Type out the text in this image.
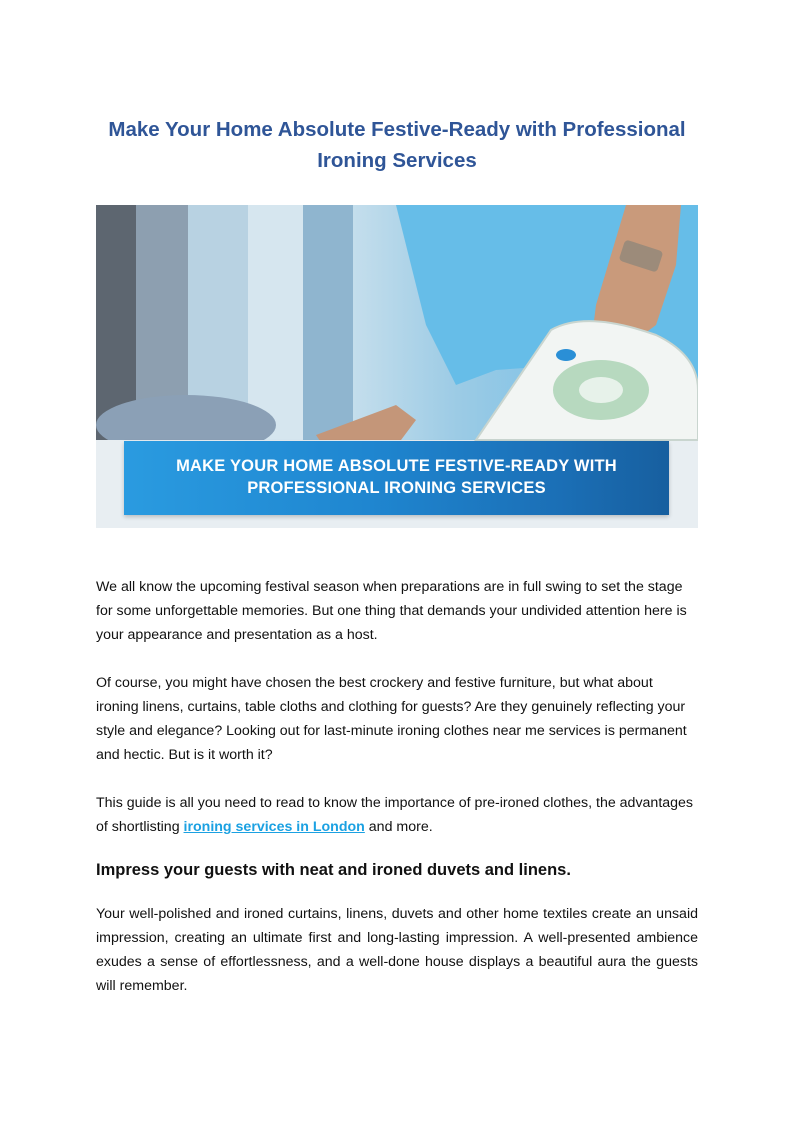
Make Your Home Absolute Festive-Ready with Professional Ironing Services
MAKE YOUR HOME ABSOLUTE FESTIVE-READY WITH
PROFESSIONAL IRONING SERVICES

We all know the upcoming festival season when preparations are in full swing to set the stage for some unforgettable memories. But one thing that demands your undivided attention here is your appearance and presentation as a host.

Of course, you might have chosen the best crockery and festive furniture, but what about ironing linens, curtains, table cloths and clothing for guests? Are they genuinely reflecting your style and elegance? Looking out for last-minute ironing clothes near me services is permanent and hectic. But is it worth it?

This guide is all you need to read to know the importance of pre-ironed clothes, the advantages of shortlisting ironing services in London and more.

Impress your guests with neat and ironed duvets and linens.

Your well-polished and ironed curtains, linens, duvets and other home textiles create an unsaid impression, creating an ultimate first and long-lasting impression. A well-presented ambience exudes a sense of effortlessness, and a well-done house displays a beautiful aura the guests will remember.
